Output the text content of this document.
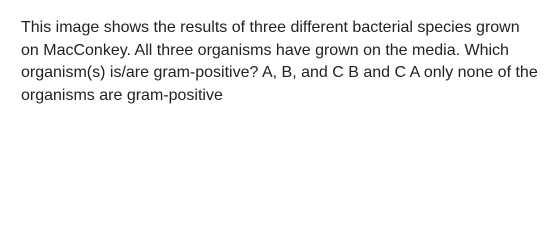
This image shows the results of three different bacterial species grown on MacConkey. All three organisms have grown on the media. Which organism(s) is/are gram-positive? A, B, and C B and C A only none of the organisms are gram-positive
